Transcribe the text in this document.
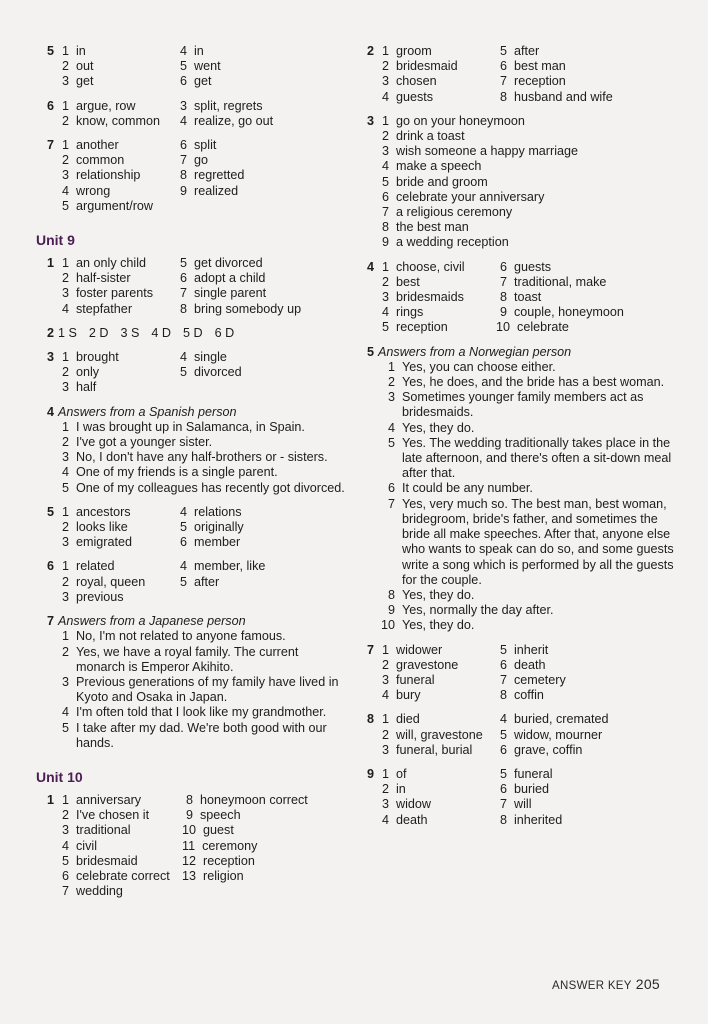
5 1 in
2 out
3 get
4 in
5 went
6 get
6 1 argue, row
2 know, common
3 split, regrets
4 realize, go out
7 1 another
2 common
3 relationship
4 wrong
5 argument/row
6 split
7 go
8 regretted
9 realized
Unit 9
1 1 an only child
2 half-sister
3 foster parents
4 stepfather
5 get divorced
6 adopt a child
7 single parent
8 bring somebody up
2 1 S 2 D 3 S 4 D 5 D 6 D
3 1 brought
2 only
3 half
4 single
5 divorced
4 Answers from a Spanish person
1 I was brought up in Salamanca, in Spain.
2 I've got a younger sister.
3 No, I don't have any half-brothers or - sisters.
4 One of my friends is a single parent.
5 One of my colleagues has recently got divorced.
5 1 ancestors
2 looks like
3 emigrated
4 relations
5 originally
6 member
6 1 related
2 royal, queen
3 previous
4 member, like
5 after
7 Answers from a Japanese person
1 No, I'm not related to anyone famous.
2 Yes, we have a royal family. The current monarch is Emperor Akihito.
3 Previous generations of my family have lived in Kyoto and Osaka in Japan.
4 I'm often told that I look like my grandmother.
5 I take after my dad. We're both good with our hands.
Unit 10
1 1 anniversary
2 I've chosen it
3 traditional
4 civil
5 bridesmaid
6 celebrate correct
7 wedding
8 honeymoon correct
9 speech
10 guest
11 ceremony
12 reception
13 religion
2 1 groom
2 bridesmaid
3 chosen
4 guests
5 after
6 best man
7 reception
8 husband and wife
3 1 go on your honeymoon
2 drink a toast
3 wish someone a happy marriage
4 make a speech
5 bride and groom
6 celebrate your anniversary
7 a religious ceremony
8 the best man
9 a wedding reception
4 1 choose, civil
2 best
3 bridesmaids
4 rings
5 reception
6 guests
7 traditional, make
8 toast
9 couple, honeymoon
10 celebrate
5 Answers from a Norwegian person
1 Yes, you can choose either.
2 Yes, he does, and the bride has a best woman.
3 Sometimes younger family members act as bridesmaids.
4 Yes, they do.
5 Yes. The wedding traditionally takes place in the late afternoon, and there's often a sit-down meal after that.
6 It could be any number.
7 Yes, very much so. The best man, best woman, bridegroom, bride's father, and sometimes the bride all make speeches. After that, anyone else who wants to speak can do so, and some guests write a song which is performed by all the guests for the couple.
8 Yes, they do.
9 Yes, normally the day after.
10 Yes, they do.
7 1 widower
2 gravestone
3 funeral
4 bury
5 inherit
6 death
7 cemetery
8 coffin
8 1 died
2 will, gravestone
3 funeral, burial
4 buried, cremated
5 widow, mourner
6 grave, coffin
9 1 of
2 in
3 widow
4 death
5 funeral
6 buried
7 will
8 inherited
ANSWER KEY 205
